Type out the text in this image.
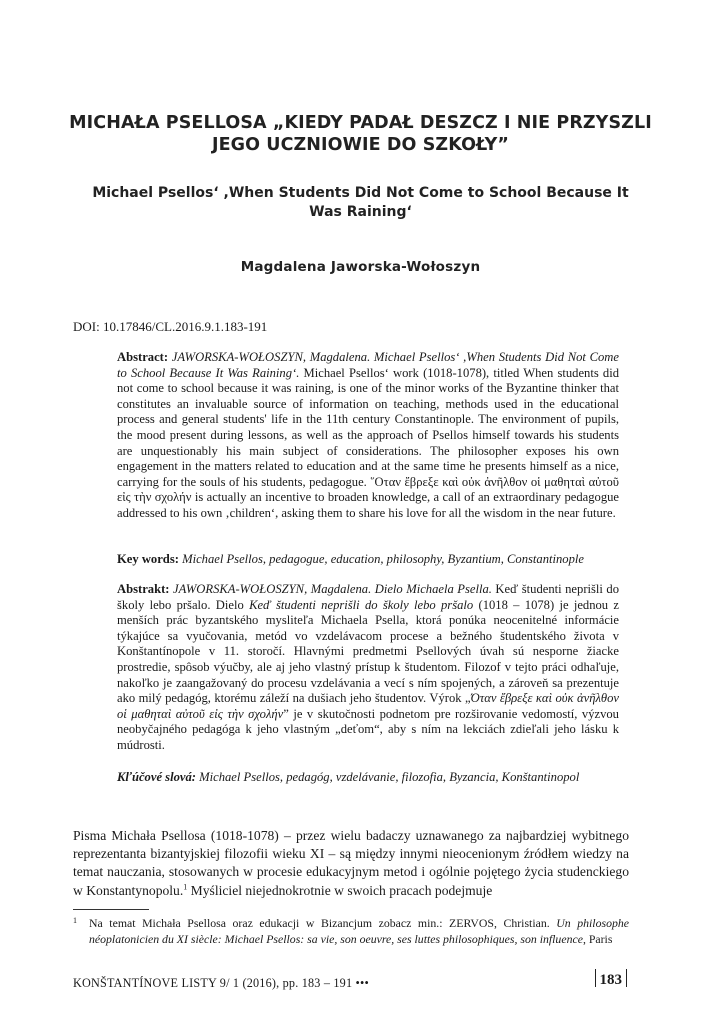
MICHAŁA PSELLOSA „KIEDY PADAŁ DESZCZ I NIE PRZYSZLI JEGO UCZNIOWIE DO SZKOŁY”
Michael Psellos‘ ,When Students Did Not Come to School Because It Was Raining‘
Magdalena Jaworska-Wołoszyn
DOI: 10.17846/CL.2016.9.1.183-191
Abstract: JAWORSKA-WOŁOSZYN, Magdalena. Michael Psellos‘ ,When Students Did Not Come to School Because It Was Raining‘. Michael Psellos‘ work (1018-1078), titled When students did not come to school because it was raining, is one of the minor works of the Byzantine thinker that constitutes an invaluable source of information on teaching, methods used in the educational process and general students' life in the 11th century Constantinople. The environment of pupils, the mood present during lessons, as well as the approach of Psellos himself towards his students are unquestionably his main subject of considerations. The philosopher exposes his own engagement in the matters related to education and at the same time he presents himself as a nice, carrying for the souls of his students, pedagogue. ῞Οταν ἔβρεξε καὶ οὐκ ἀνῆλθον οἱ μαθηταὶ αὐτοῦ εἰς τὴν σχολήν is actually an incentive to broaden knowledge, a call of an extraordinary pedagogue addressed to his own ‚children‘, asking them to share his love for all the wisdom in the near future.
Key words: Michael Psellos, pedagogue, education, philosophy, Byzantium, Constantinople
Abstrakt: JAWORSKA-WOŁOSZYN, Magdalena. Dielo Michaela Psella. Keď študenti neprišli do školy lebo pršalo. Dielo Keď študenti neprišli do školy lebo pršalo (1018 – 1078) je jednou z menších prác byzantského mysliteľa Michaela Psella, ktorá ponúka neocenitelné informácie týkajúce sa vyučovania, metód vo vzdelávacom procese a bežného študentského života v Konštantínopole v 11. storočí. Hlavnými predmetmi Psellových úvah sú nesporne žiacke prostredie, spôsob výučby, ale aj jeho vlastný prístup k študentom. Filozof v tejto práci odhaľuje, nakoľko je zaangažovaný do procesu vzdelávania a vecí s ním spojených, a zároveň sa prezentuje ako milý pedagóg, ktorému záleží na dušiach jeho študentov. Výrok „Όταν ἔβρεξε καὶ οὐκ ἀνῆλθον οἱ μαθηταὶ αὐτοῦ εἰς τὴν σχολήν” je v skutočnosti podnetom pre rozširovanie vedomostí, výzvou neobyčajného pedagóga k jeho vlastným „deťom“, aby s ním na lekciách zdieľali jeho lásku k múdrosti.
Kľúčové slová: Michael Psellos, pedagóg, vzdelávanie, filozofia, Byzancia, Konštantinopol
Pisma Michała Psellosa (1018-1078) – przez wielu badaczy uznawanego za najbardziej wybitnego reprezentanta bizantyjskiej filozofii wieku XI – są między innymi nieocenionym źródłem wiedzy na temat nauczania, stosowanych w procesie edukacyjnym metod i ogólnie pojętego życia studenckiego w Konstantynopolu.$^1$ Myśliciel niejednokrotnie w swoich pracach podejmuje
1	Na temat Michała Psellosa oraz edukacji w Bizancjum zobacz min.: ZERVOS, Christian. Un philosophe néoplatonicien du XI siècle: Michael Psellos: sa vie, son oeuvre, ses luttes philosophiques, son influence, Paris
KONŠTANTÍNOVE LISTY 9/ 1 (2016), pp. 183 – 191 •••	183
